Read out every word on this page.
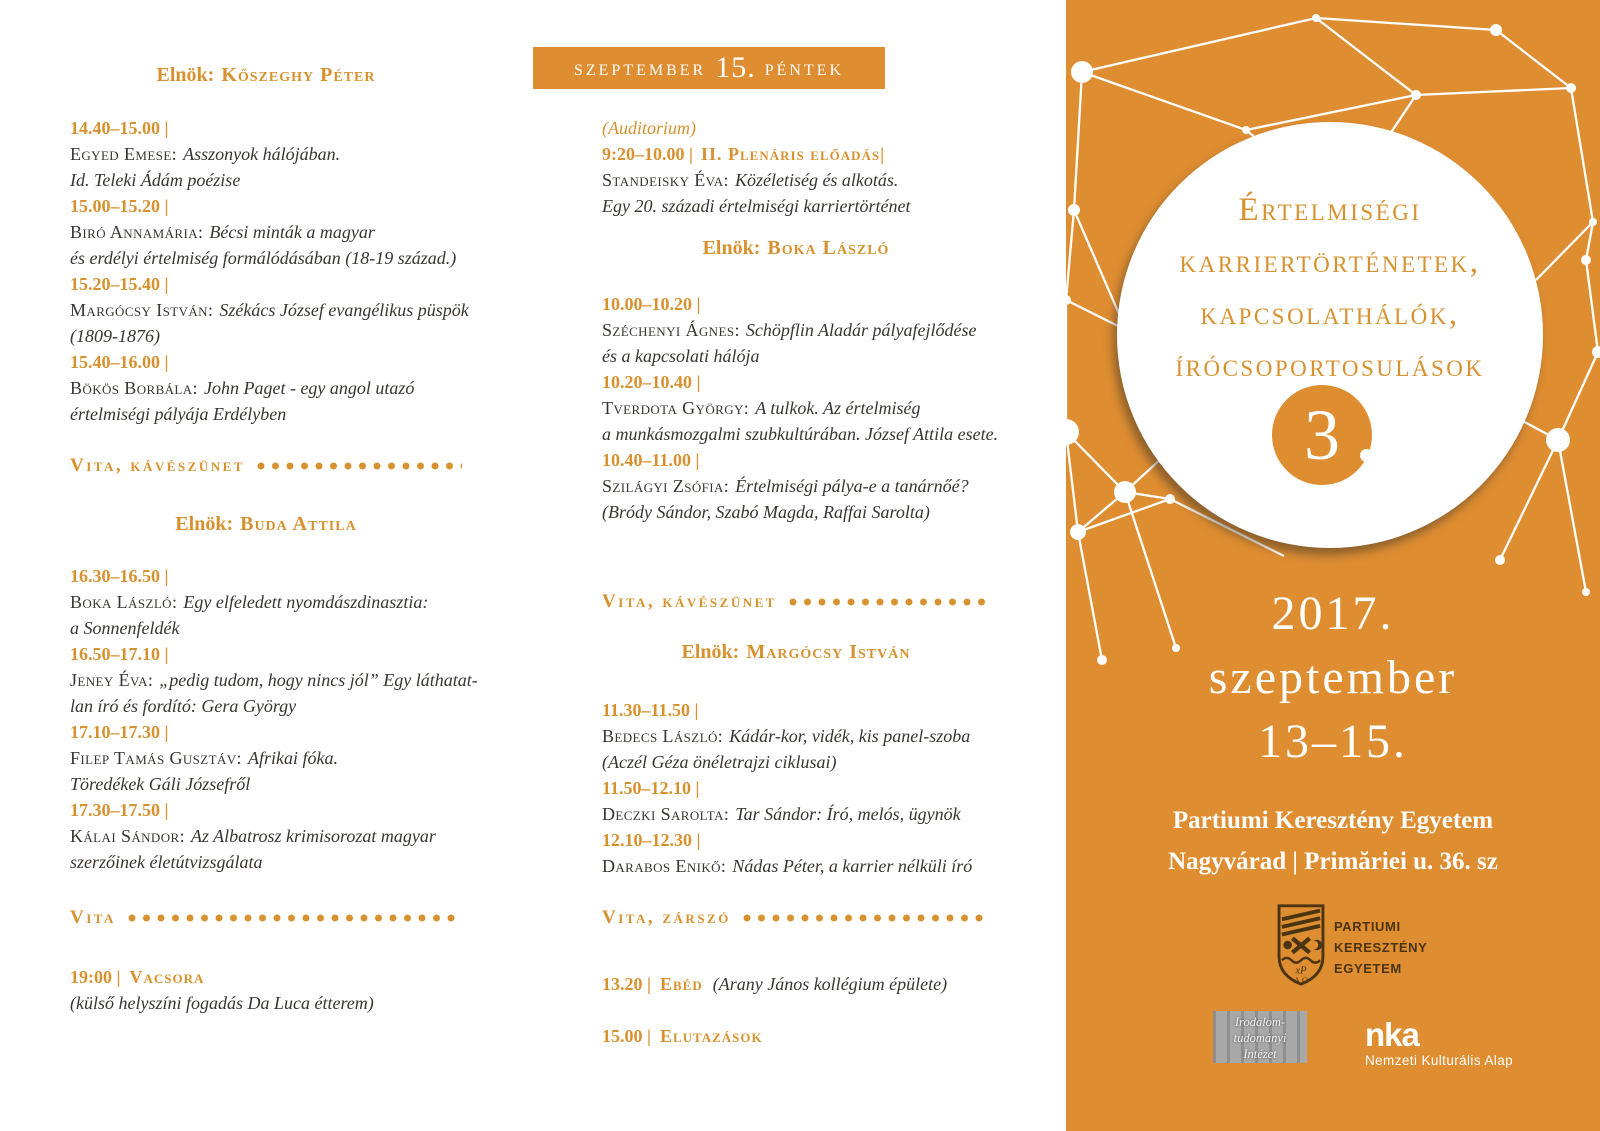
Elnök: Kőszeghy Péter
14.40–15.00 |
Egyed Emese: Asszonyok hálójában.
Id. Teleki Ádám poézise
15.00–15.20 |
Biró Annamária: Bécsi minták a magyar
és erdélyi értelmiség formálódásában (18-19 század.)
15.20–15.40 |
Margócsy István: Székács József evangélikus püspök
(1809-1876)
15.40–16.00 |
Bökös Borbála: John Paget - egy angol utazó
értelmiségi pályája Erdélyben
Vita, kávészünet
Elnök: Buda Attila
16.30–16.50 |
Boka László: Egy elfeledett nyomdászdinasztia:
a Sonnenfeldék
16.50–17.10 |
Jeney Éva: „pedig tudom, hogy nincs jól” Egy láthatat-
lan író és fordító: Gera György
17.10–17.30 |
Filep Tamás Gusztáv: Afrikai fóka.
Töredékek Gáli Józsefről
17.30–17.50 |
Kálai Sándor: Az Albatrosz krimisorozat magyar
szerzőinek életútvizsgálata
Vita
19:00 | Vacsora
(külső helyszíni fogadás Da Luca étterem)
szeptember 15. péntek
(Auditorium)
9:20–10.00 | II. Plenáris előadás|
Standeisky Éva: Közéletiség és alkotás.
Egy 20. századi értelmiségi karriertörténet
Elnök: Boka László
10.00–10.20 |
Széchenyi Ágnes: Schöpflin Aladár pályafejlődése
és a kapcsolati hálója
10.20–10.40 |
Tverdota György: A tulkok. Az értelmiség
a munkásmozgalmi szubkultúrában. József Attila esete.
10.40–11.00 |
Szilágyi Zsófia: Értelmiségi pálya-e a tanárnőé?
(Bródy Sándor, Szabó Magda, Raffai Sarolta)
Vita, kávészünet
Elnök: Margócsy István
11.30–11.50 |
Bedecs László: Kádár-kor, vidék, kis panel-szoba
(Aczél Géza önéletrajzi ciklusai)
11.50–12.10 |
Deczki Sarolta: Tar Sándor: Író, melós, ügynök
12.10–12.30 |
Darabos Enikő: Nádas Péter, a karrier nélküli író
Vita, zárszó
13.20 | Ebéd (Arany János kollégium épülete)
15.00 | Elutazások
Értelmiségi
karriertörténetek,
kapcsolathálók,
írócsoportosulások
3
2017.
szeptember
13–15.
Partiumi Keresztény Egyetem
Nagyvárad | Primăriei u. 36. sz
xP
A Ω
PARTIUMI
KERESZTÉNY
EGYETEM
Irodalom-
tudományi
Intézet
nka
Nemzeti Kulturális Alap
